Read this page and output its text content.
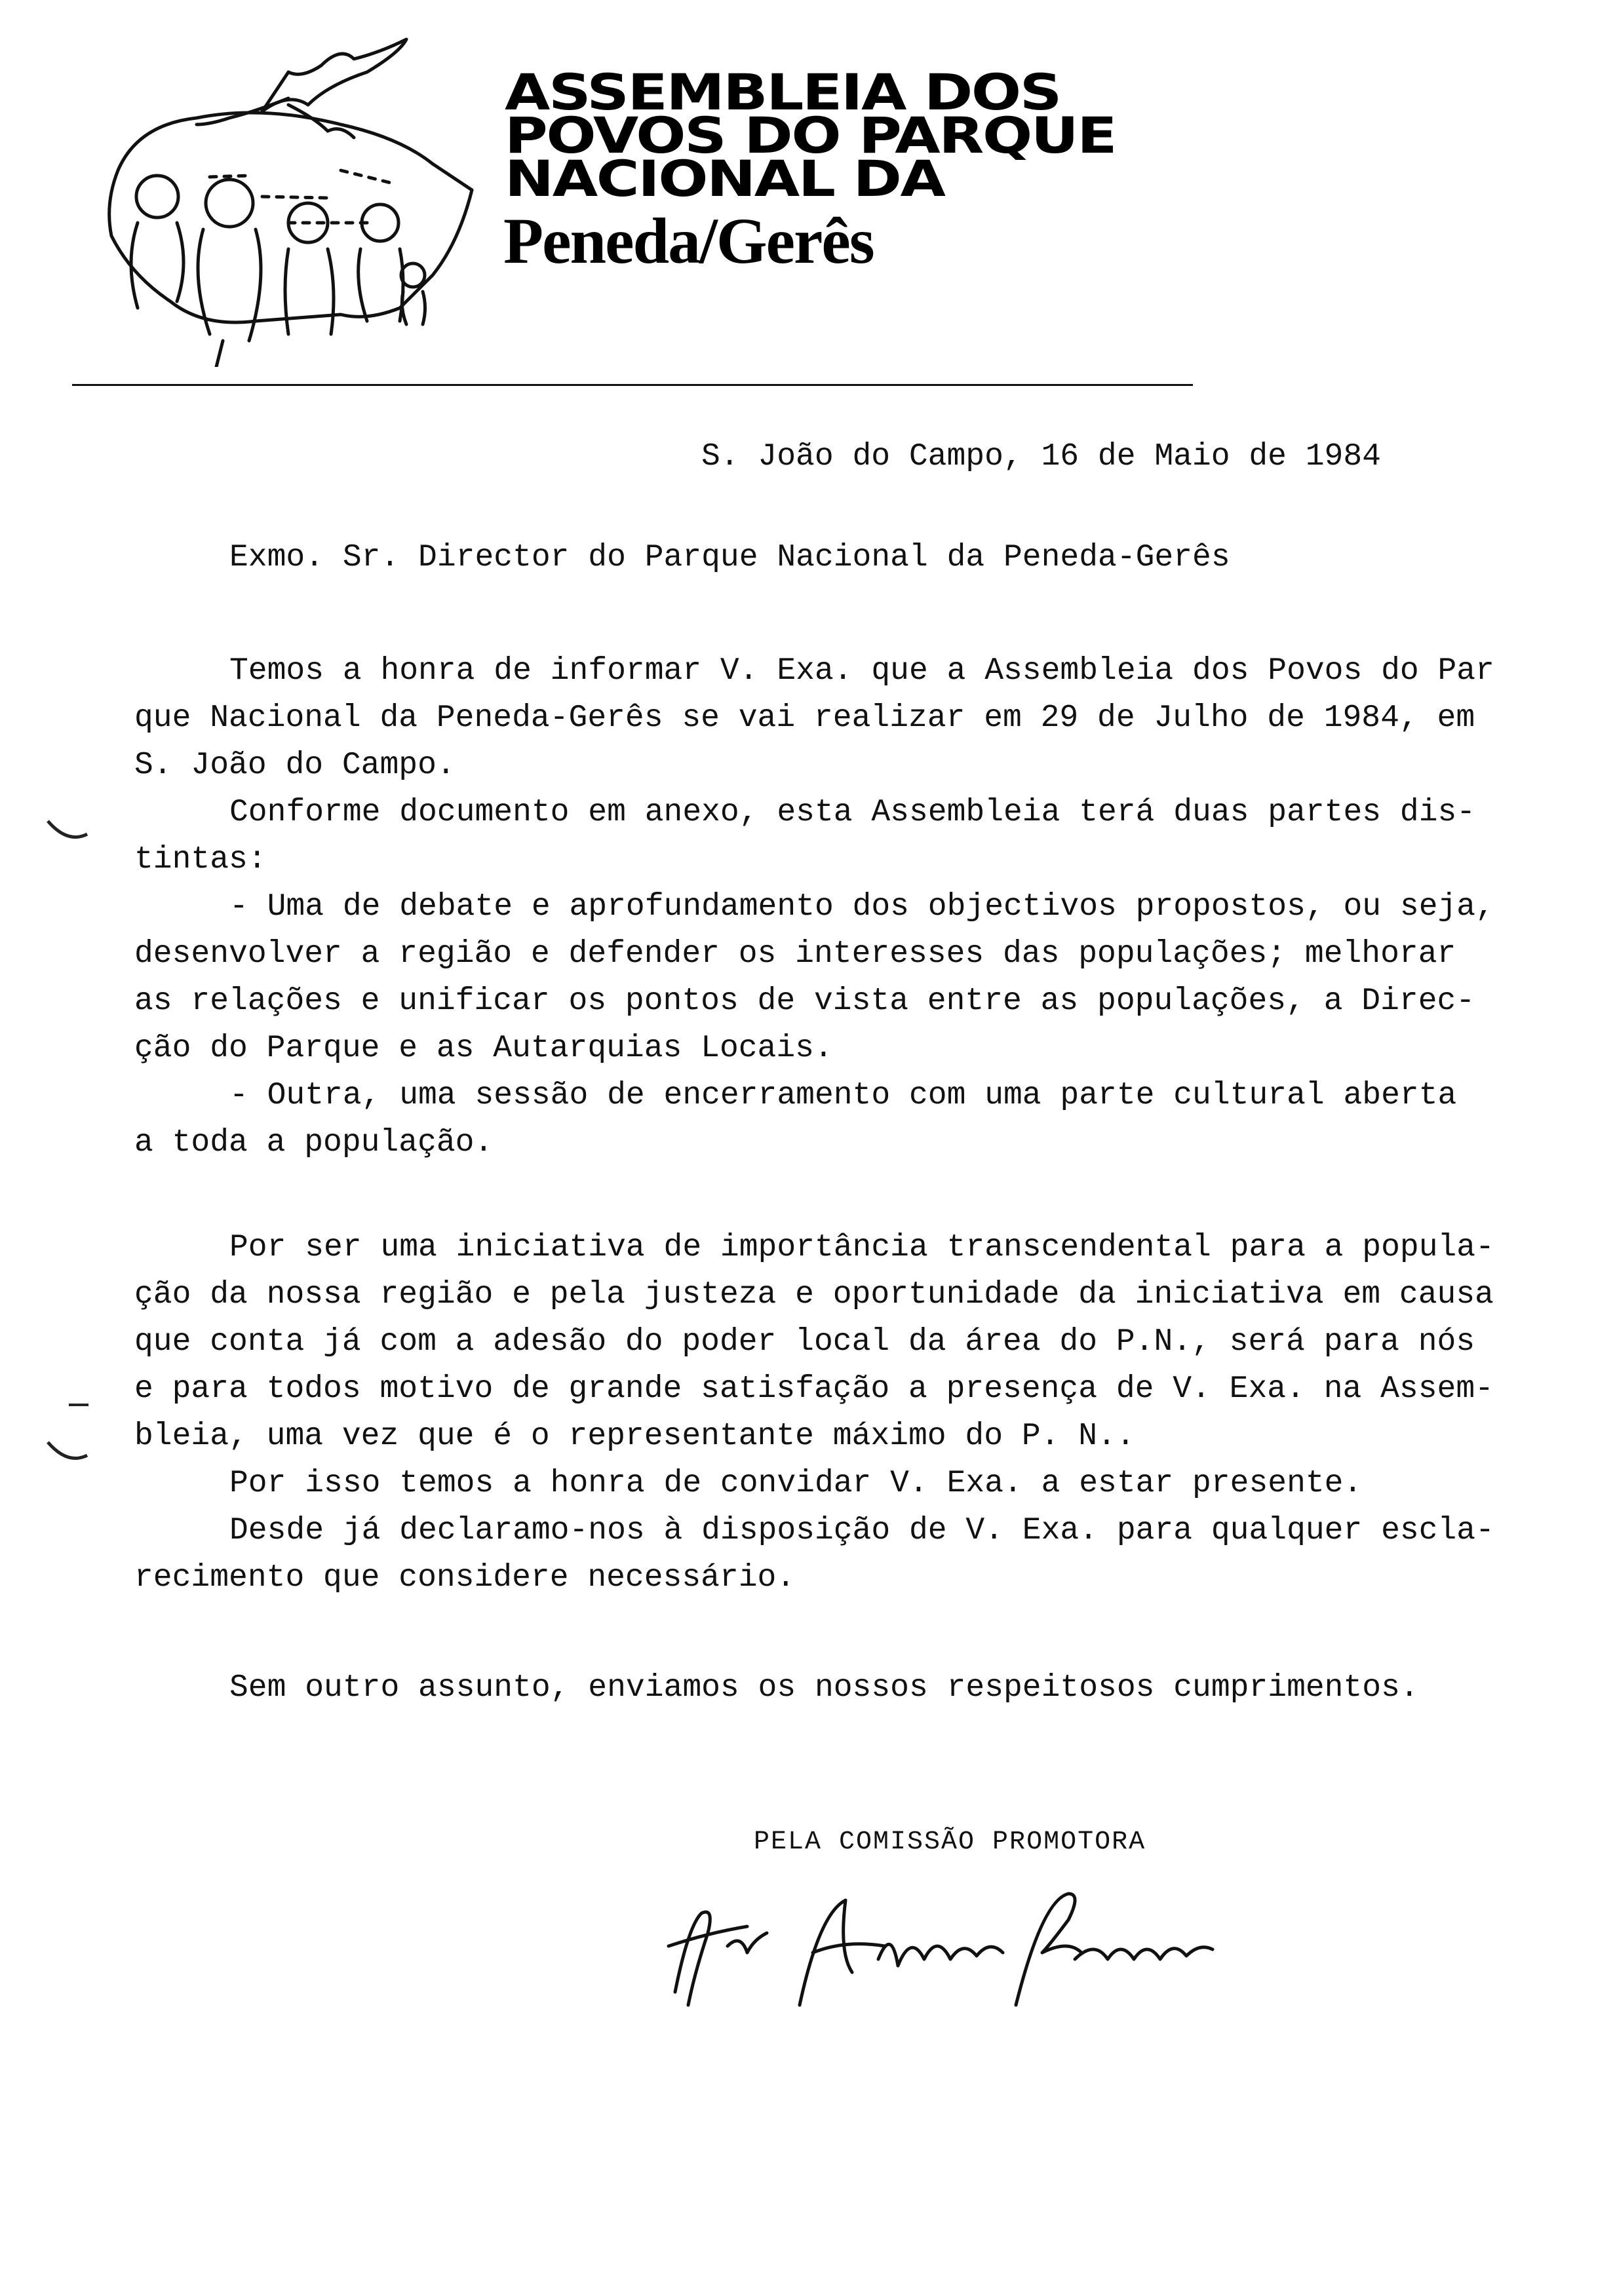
ASSEMBLEIA DOS
POVOS DO PARQUE
NACIONAL DA
Peneda/Gerês
S. João do Campo, 16 de Maio de 1984
Exmo. Sr. Director do Parque Nacional da Peneda-Gerês
Temos a honra de informar V. Exa. que a Assembleia dos Povos do Par
que Nacional da Peneda-Gerês se vai realizar em 29 de Julho de 1984, em
S. João do Campo.
Conforme documento em anexo, esta Assembleia terá duas partes dis-
tintas:
- Uma de debate e aprofundamento dos objectivos propostos, ou seja,
desenvolver a região e defender os interesses das populações; melhorar
as relações e unificar os pontos de vista entre as populações, a Direc-
ção do Parque e as Autarquias Locais.
- Outra, uma sessão de encerramento com uma parte cultural aberta
a toda a população.
Por ser uma iniciativa de importância transcendental para a popula-
ção da nossa região e pela justeza e oportunidade da iniciativa em causa
que conta já com a adesão do poder local da área do P.N., será para nós
e para todos motivo de grande satisfação a presença de V. Exa. na Assem-
bleia, uma vez que é o representante máximo do P. N..
Por isso temos a honra de convidar V. Exa. a estar presente.
Desde já declaramo-nos à disposição de V. Exa. para qualquer escla-
recimento que considere necessário.
Sem outro assunto, enviamos os nossos respeitosos cumprimentos.
PELA COMISSÃO PROMOTORA
